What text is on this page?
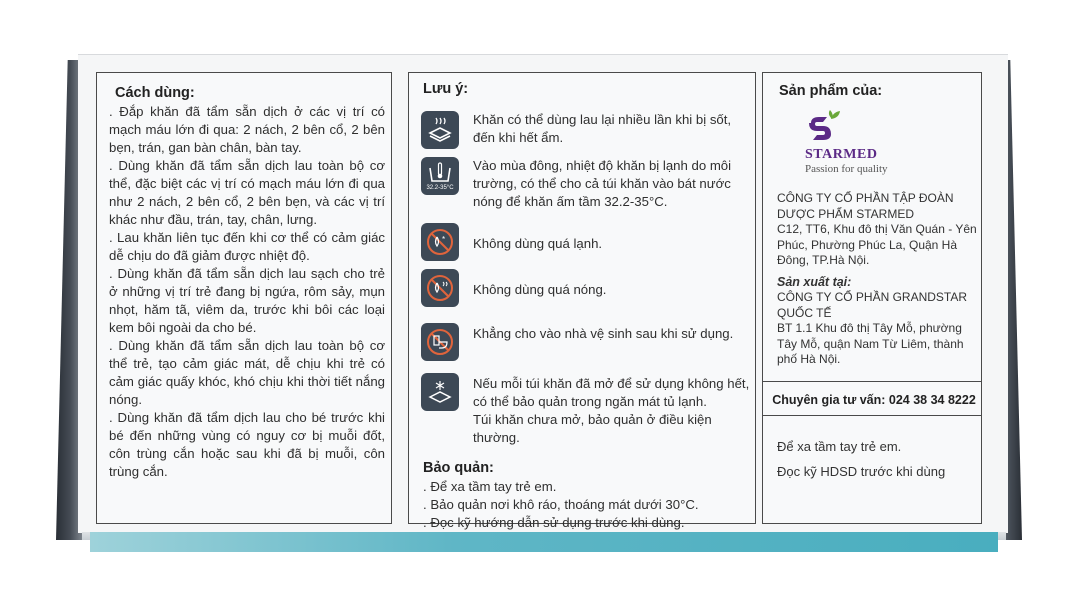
Cách dùng:

. Đắp khăn đã tẩm sẵn dịch ở các vị trí có mạch máu lớn đi qua: 2 nách, 2 bên cổ, 2 bên bẹn, trán, gan bàn chân, bàn tay.

. Dùng khăn đã tẩm sẵn dịch lau toàn bộ cơ thể, đặc biệt các vị trí có mạch máu lớn đi qua như 2 nách, 2 bên cổ, 2 bên bẹn, và các vị trí khác như đầu, trán, tay, chân, lưng.

. Lau khăn liên tục đến khi cơ thể có cảm giác dễ chịu do đã giảm được nhiệt độ.

. Dùng khăn đã tẩm sẵn dịch lau sạch cho trẻ ở những vị trí trẻ đang bị ngứa, rôm sảy, mụn nhọt, hăm tã, viêm da, trước khi bôi các loại kem bôi ngoài da cho bé.

. Dùng khăn đã tẩm sẵn dịch lau toàn bộ cơ thể trẻ, tạo cảm giác mát, dễ chịu khi trẻ có cảm giác quấy khóc, khó chịu khi thời tiết nắng nóng.

. Dùng khăn đã tẩm dịch lau cho bé trước khi bé đến những vùng có nguy cơ bị muỗi đốt, côn trùng cắn hoặc sau khi đã bị muỗi, côn trùng cắn.

Lưu ý:

Khăn có thể dùng lau lại nhiều lần khi bị sốt, đến khi hết ẩm.

32.2-35°C

Vào mùa đông, nhiệt độ khăn bị lạnh do môi trường, có thể cho cả túi khăn vào bát nước nóng để khăn ấm tầm 32.2-35°C.

* Không dùng quá lạnh.

Không dùng quá nóng.

Khẳng cho vào nhà vệ sinh sau khi sử dụng.

Nếu mỗi túi khăn đã mở để sử dụng không hết, có thể bảo quản trong ngăn mát tủ lạnh.

Túi khăn chưa mở, bảo quản ở điều kiện thường.

Bảo quản:

. Để xa tầm tay trẻ em.

. Bảo quản nơi khô ráo, thoáng mát dưới 30°C.

. Đọc kỹ hướng dẫn sử dụng trước khi dùng.

Sản phẩm của:
STARMED
Passion for quality

CÔNG TY CỔ PHẦN TẬP ĐOÀN DƯỢC PHẨM STARMED

C12, TT6, Khu đô thị Văn Quán - Yên Phúc, Phường Phúc La, Quận Hà Đông, TP.Hà Nội.

Sản xuất tại:

CÔNG TY CỔ PHẦN GRANDSTAR QUỐC TẾ

BT 1.1 Khu đô thị Tây Mỗ, phường Tây Mỗ, quận Nam Từ Liêm, thành phố Hà Nội.

Chuyên gia tư vấn: 024 38 34 8222
Để xa tầm tay trẻ em.
Đọc kỹ HDSD trước khi dùng
